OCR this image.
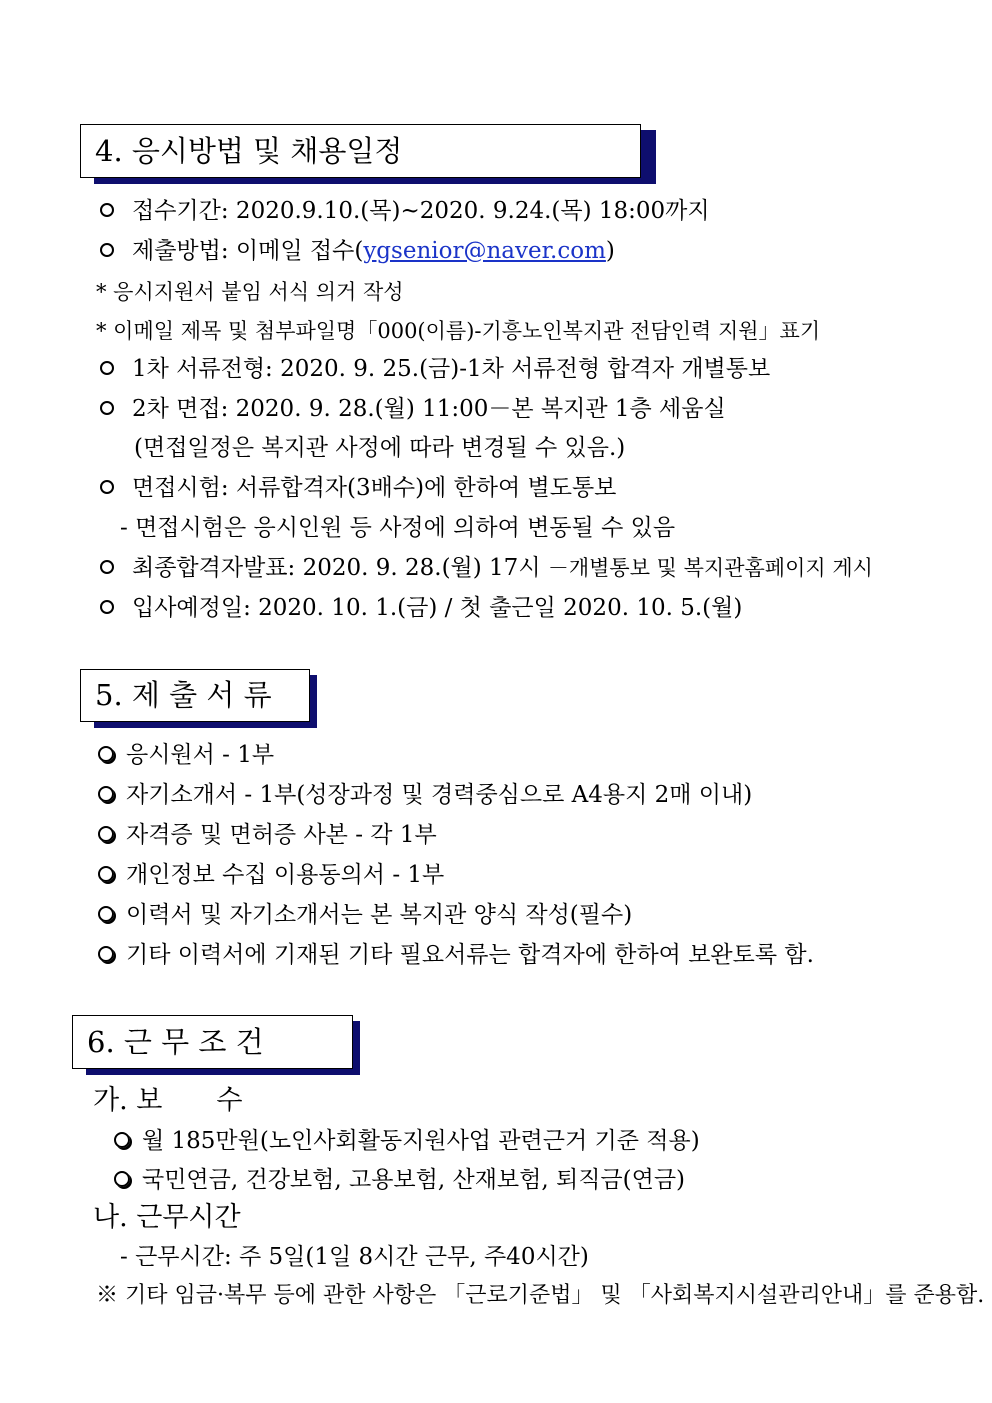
4. 응시방법 및 채용일정
접수기간: 2020.9.10.(목)~2020. 9.24.(목) 18:00까지
제출방법: 이메일 접수(ygsenior@naver.com)
* 응시지원서 붙임 서식 의거 작성
* 이메일 제목 및 첨부파일명「000(이름)-기흥노인복지관 전담인력 지원」표기
1차 서류전형: 2020. 9. 25.(금)-1차 서류전형 합격자 개별통보
2차 면접: 2020. 9. 28.(월) 11:00－본 복지관 1층 세움실
(면접일정은 복지관 사정에 따라 변경될 수 있음.)
면접시험: 서류합격자(3배수)에 한하여 별도통보
- 면접시험은 응시인원 등 사정에 의하여 변동될 수 있음
최종합격자발표: 2020. 9. 28.(월) 17시 －개별통보 및 복지관홈페이지 게시
입사예정일: 2020. 10. 1.(금) / 첫 출근일 2020. 10. 5.(월)
5. 제 출 서 류
응시원서 - 1부
자기소개서 - 1부(성장과정 및 경력중심으로 A4용지 2매 이내)
자격증 및 면허증 사본 - 각 1부
개인정보 수집 이용동의서 - 1부
이력서 및 자기소개서는 본 복지관 양식 작성(필수)
기타 이력서에 기재된 기타 필요서류는 합격자에 한하여 보완토록 함.
6. 근 무 조 건
가. 보　　수
월 185만원(노인사회활동지원사업 관련근거 기준 적용)
국민연금, 건강보험, 고용보험, 산재보험, 퇴직금(연금)
나. 근무시간
- 근무시간: 주 5일(1일 8시간 근무, 주40시간)
※ 기타 임금·복무 등에 관한 사항은 「근로기준법」 및 「사회복지시설관리안내」를 준용함.
